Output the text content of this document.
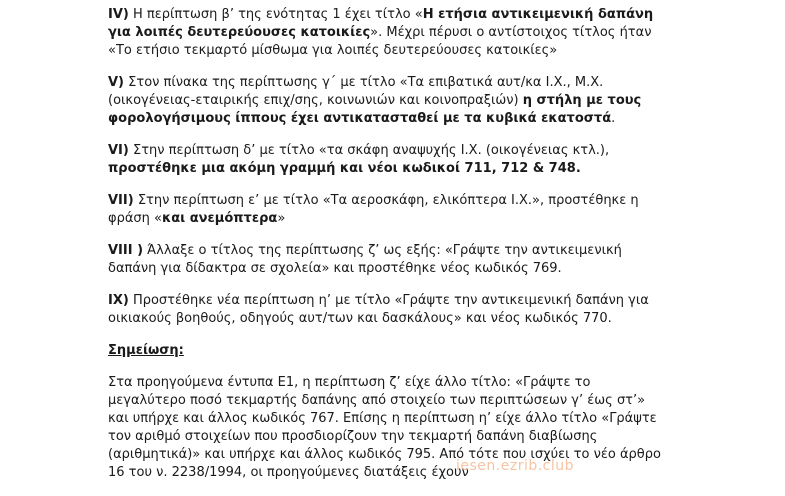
IV) Η περίπτωση β’ της ενότητας 1 έχει τίτλο «Η ετήσια αντικειμενική δαπάνη για λοιπές δευτερεύουσες κατοικίες». Μέχρι πέρυσι ο αντίστοιχος τίτλος ήταν «Το ετήσιο τεκμαρτό μίσθωμα για λοιπές δευτερεύουσες κατοικίες»

V) Στον πίνακα της περίπτωσης γ΄ με τίτλο «Τα επιβατικά αυτ/κα Ι.Χ., Μ.Χ. (οικογένειας-εταιρικής επιχ/σης, κοινωνιών και κοινοπραξιών) η στήλη με τους φορολογήσιμους ίππους έχει αντικατασταθεί με τα κυβικά εκατοστά.

VI) Στην περίπτωση δ’ με τίτλο «τα σκάφη αναψυχής Ι.Χ. (οικογένειας κτλ.), προστέθηκε μια ακόμη γραμμή και νέοι κωδικοί 711, 712 & 748.

VII) Στην περίπτωση ε’ με τίτλο «Τα αεροσκάφη, ελικόπτερα Ι.Χ.», προστέθηκε η φράση «και ανεμόπτερα»

VIII ) Άλλαξε ο τίτλος της περίπτωσης ζ’ ως εξής: «Γράψτε την αντικειμενική δαπάνη για δίδακτρα σε σχολεία» και προστέθηκε νέος κωδικός 769.

IX) Προστέθηκε νέα περίπτωση η’ με τίτλο «Γράψτε την αντικειμενική δαπάνη για οικιακούς βοηθούς, οδηγούς αυτ/των και δασκάλους» και νέος κωδικός 770.

Σημείωση:

Στα προηγούμενα έντυπα Ε1, η περίπτωση ζ’ είχε άλλο τίτλο: «Γράψτε το μεγαλύτερο ποσό τεκμαρτής δαπάνης από στοιχείο των περιπτώσεων γ’ έως στ’» και υπήρχε και άλλος κωδικός 767. Επίσης η περίπτωση η’ είχε άλλο τίτλο «Γράψτε τον αριθμό στοιχείων που προσδιορίζουν την τεκμαρτή δαπάνη διαβίωσης (αριθμητικά)» και υπήρχε και άλλος κωδικός 795. Από τότε που ισχύει το νέο άρθρο 16 του ν. 2238/1994, οι προηγούμενες διατάξεις έχουν

iesen.ezrib.club
